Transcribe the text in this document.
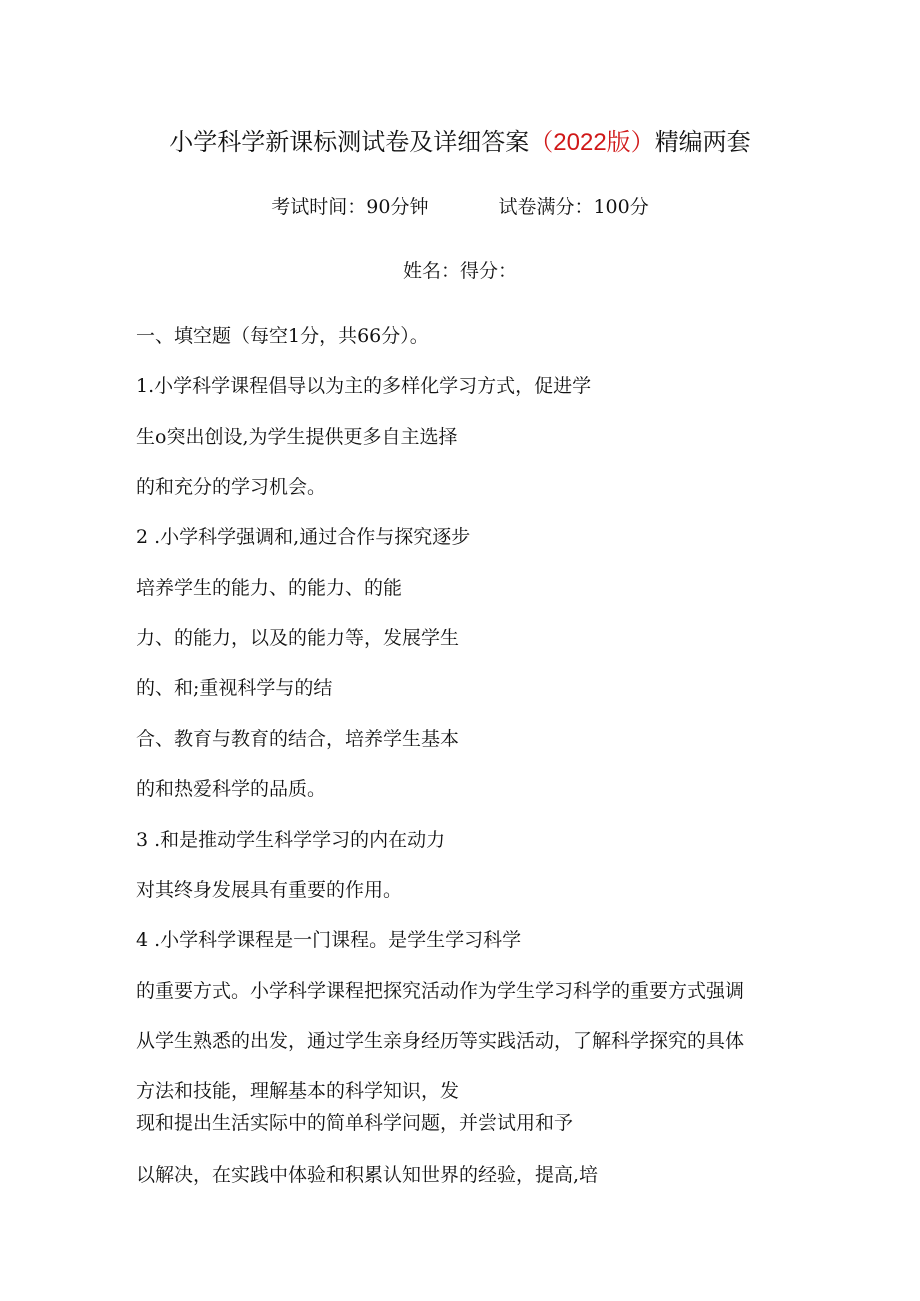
小学科学新课标测试卷及详细答案（2022版）精编两套
考试时间：90分钟	试卷满分：100分
姓名：得分：
一、填空题（每空1分，共66分）。
1.小学科学课程倡导以为主的多样化学习方式，促进学
生o突出创设,为学生提供更多自主选择
的和充分的学习机会。
2 .小学科学强调和,通过合作与探究逐步
培养学生的能力、的能力、的能
力、的能力，以及的能力等，发展学生
的、和;重视科学与的结
合、教育与教育的结合，培养学生基本
的和热爱科学的品质。
3 .和是推动学生科学学习的内在动力
对其终身发展具有重要的作用。
4 .小学科学课程是一门课程。是学生学习科学
的重要方式。小学科学课程把探究活动作为学生学习科学的重要方式强调
从学生熟悉的出发，通过学生亲身经历等实践活动，了解科学探究的具体
方法和技能，理解基本的科学知识，发
现和提出生活实际中的简单科学问题，并尝试用和予
以解决，在实践中体验和积累认知世界的经验，提高,培
